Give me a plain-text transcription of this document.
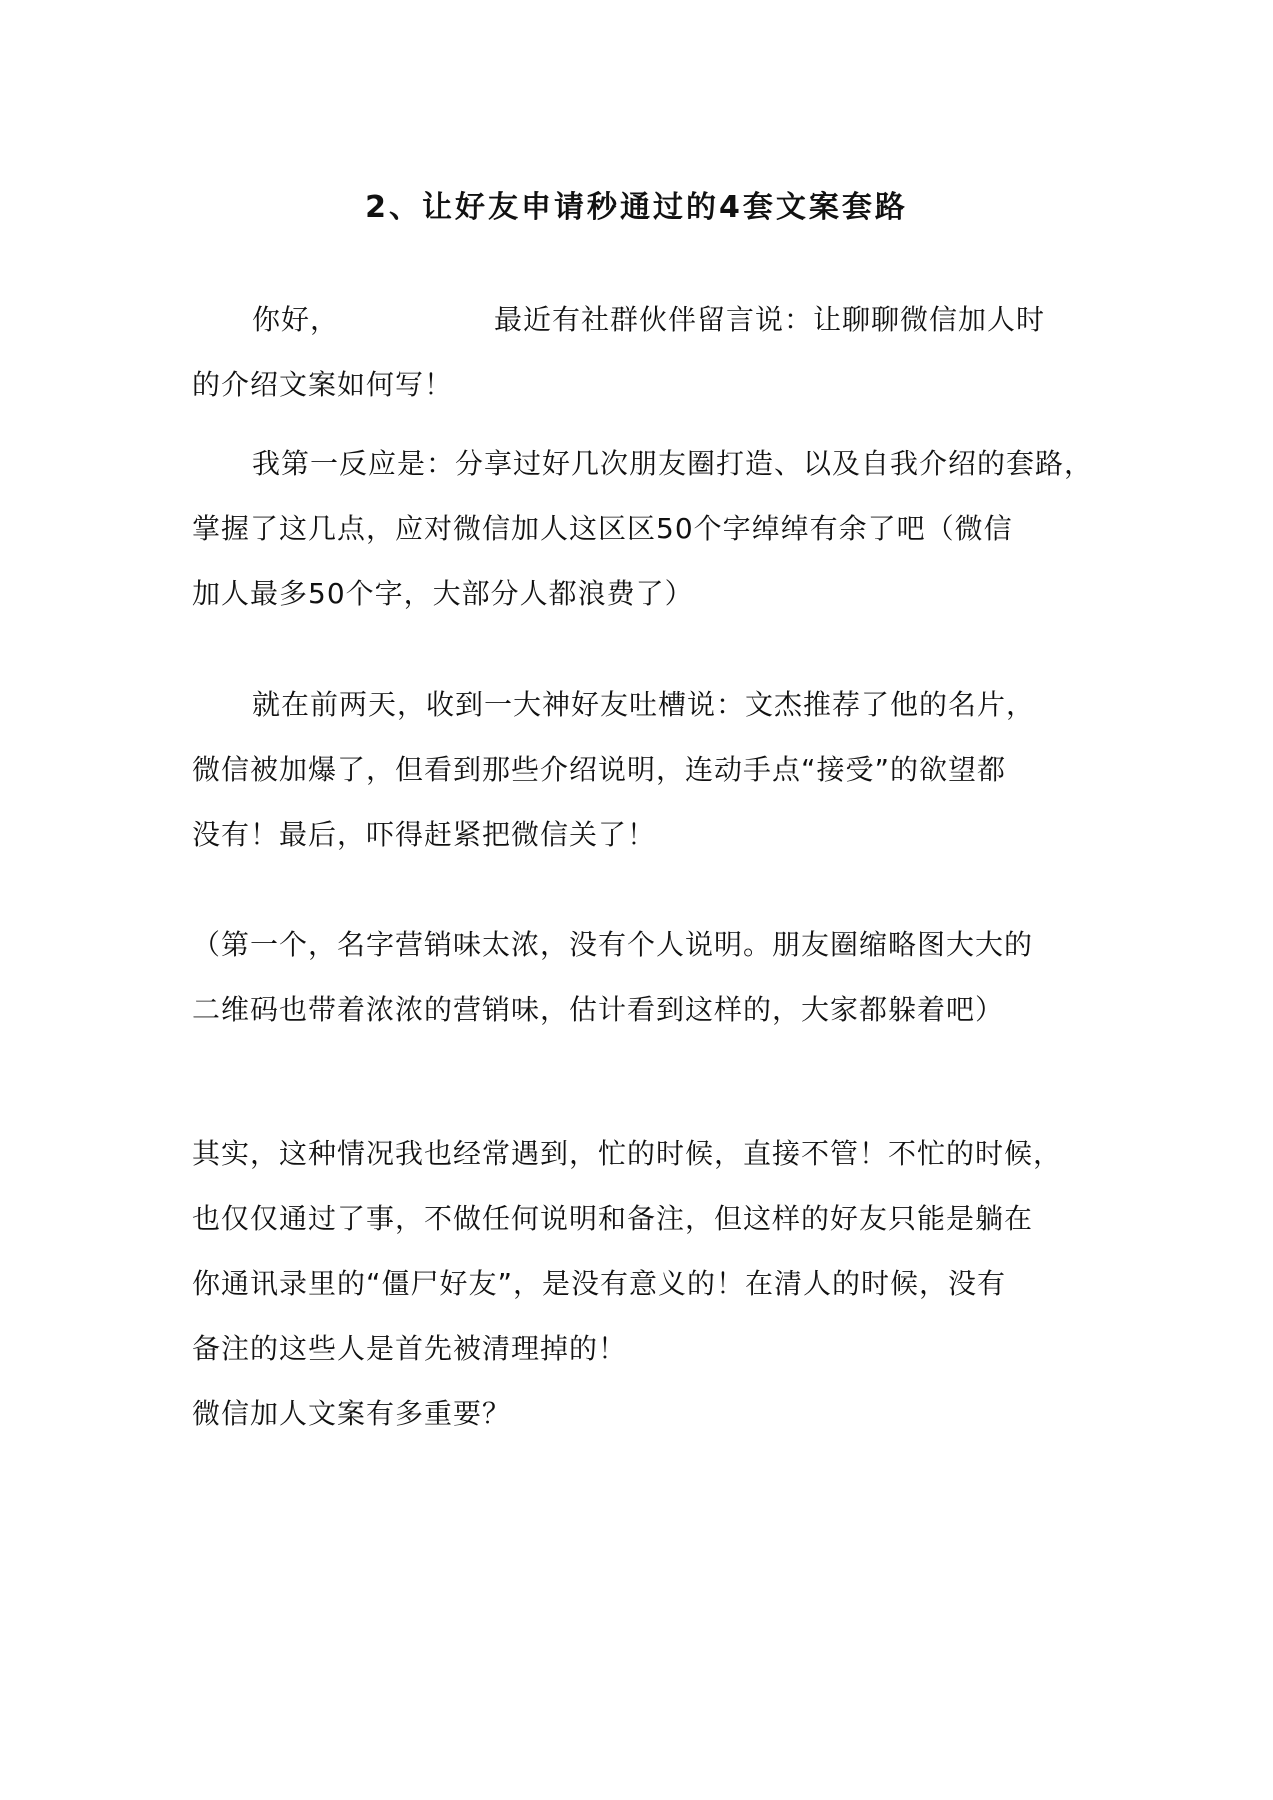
2、让好友申请秒通过的4套文案套路
你好，	最近有社群伙伴留言说：让聊聊微信加人时
的介绍文案如何写！
我第一反应是：分享过好几次朋友圈打造、以及自我介绍的套路，
掌握了这几点，应对微信加人这区区50个字绰绰有余了吧（微信
加人最多50个字，大部分人都浪费了）
就在前两天，收到一大神好友吐槽说：文杰推荐了他的名片，
微信被加爆了，但看到那些介绍说明，连动手点“接受”的欲望都
没有！最后，吓得赶紧把微信关了！
（第一个，名字营销味太浓，没有个人说明。朋友圈缩略图大大的
二维码也带着浓浓的营销味，估计看到这样的，大家都躲着吧）
其实，这种情况我也经常遇到，忙的时候，直接不管！不忙的时候，
也仅仅通过了事，不做任何说明和备注，但这样的好友只能是躺在
你通讯录里的“僵尸好友”，是没有意义的！在清人的时候，没有
备注的这些人是首先被清理掉的！
微信加人文案有多重要？
